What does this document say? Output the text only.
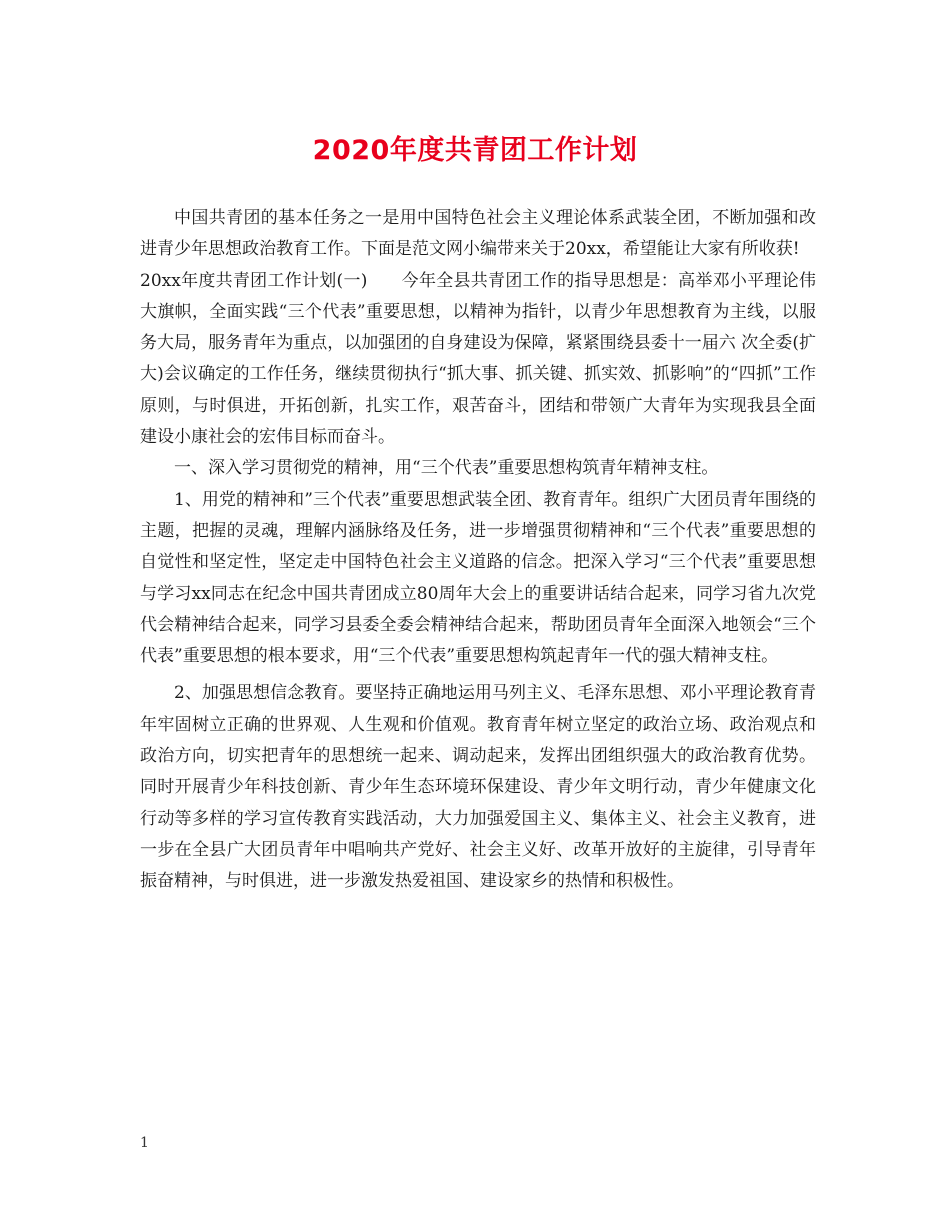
2020年度共青团工作计划

中国共青团的基本任务之一是用中国特色社会主义理论体系武装全团，不断加强和改进青少年思想政治教育工作。下面是范文网小编带来关于20xx，希望能让大家有所收获!

20xx年度共青团工作计划(一) 今年全县共青团工作的指导思想是：高举邓小平理论伟大旗帜，全面实践“三个代表”重要思想，以精神为指针，以青少年思想教育为主线，以服务大局，服务青年为重点，以加强团的自身建设为保障，紧紧围绕县委十一届六 次全委(扩大)会议确定的工作任务，继续贯彻执行“抓大事、抓关键、抓实效、抓影响”的“四抓”工作原则，与时俱进，开拓创新，扎实工作，艰苦奋斗，团结和带领广大青年为实现我县全面建设小康社会的宏伟目标而奋斗。

一、深入学习贯彻党的精神，用“三个代表”重要思想构筑青年精神支柱。

1、用党的精神和”三个代表”重要思想武装全团、教育青年。组织广大团员青年围绕的主题，把握的灵魂，理解内涵脉络及任务，进一步增强贯彻精神和“三个代表”重要思想的自觉性和坚定性，坚定走中国特色社会主义道路的信念。把深入学习“三个代表”重要思想与学习xx同志在纪念中国共青团成立80周年大会上的重要讲话结合起来，同学习省九次党代会精神结合起来，同学习县委全委会精神结合起来，帮助团员青年全面深入地领会“三个代表”重要思想的根本要求，用“三个代表”重要思想构筑起青年一代的强大精神支柱。

2、加强思想信念教育。要坚持正确地运用马列主义、毛泽东思想、邓小平理论教育青年牢固树立正确的世界观、人生观和价值观。教育青年树立坚定的政治立场、政治观点和政治方向，切实把青年的思想统一起来、调动起来，发挥出团组织强大的政治教育优势。同时开展青少年科技创新、青少年生态环境环保建设、青少年文明行动，青少年健康文化行动等多样的学习宣传教育实践活动，大力加强爱国主义、集体主义、社会主义教育，进一步在全县广大团员青年中唱响共产党好、社会主义好、改革开放好的主旋律，引导青年振奋精神，与时俱进，进一步激发热爱祖国、建设家乡的热情和积极性。

1
